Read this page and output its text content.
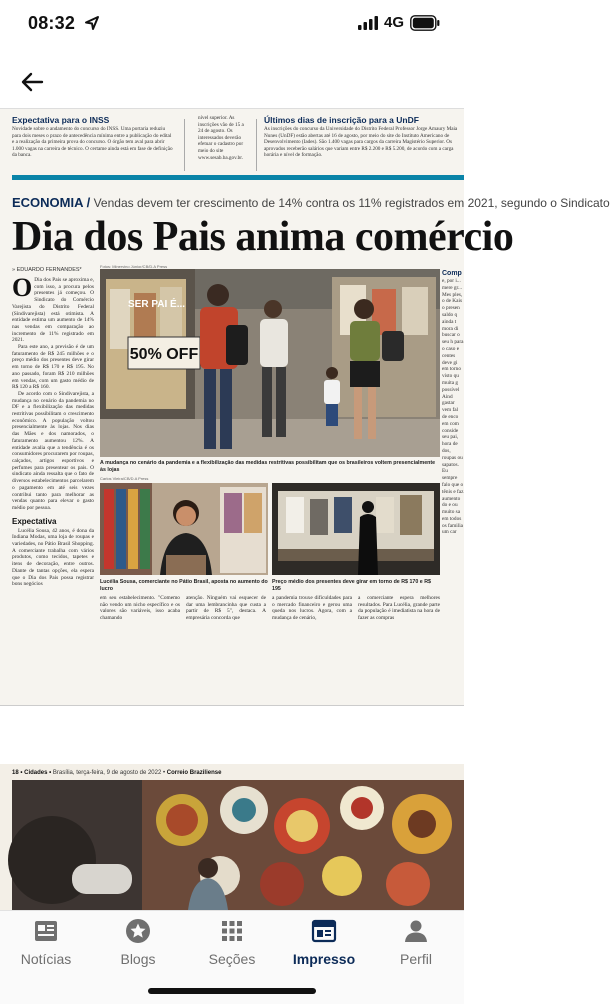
08:32	4G
Expectativa para o INSS
Novidade sobre o andamento do concurso do INSS. Uma portaria reduziu para dois meses o prazo de antecedência mínima entre a publicação do edital e a realização da primeira prova do concurso. O órgão tem aval para abrir 1.000 vagas na carreira de técnico. O certame ainda está em fase de definição da banca.
nível superior. As inscrições vão de 15 a 24 de agosto. Os interessados deverão efetuar o cadastro por meio do site www.sesab.ba.gov.br.
Últimos dias de inscrição para a UnDF
As inscrições do concurso da Universidade do Distrito Federal Professor Jorge Amaury Maia Nunes (UnDF) estão abertas até 16 de agosto, por meio do site do Instituto Americano de Desenvolvimento (Iades). São 1.400 vagas para cargos da carreira Magistério Superior. Os aprovados receberão salários que variam entre R$ 2.200 e R$ 5.200, de acordo com a carga horária e nível de formação.
ECONOMIA / Vendas devem ter crescimento de 14% contra os 11% registrados em 2021, segundo o Sindicato
Dia dos Pais anima comércio
» EDUARDO FERNANDES*
O Dia dos Pais se aproxima e, com isso, a procura pelos presentes já começou. O Sindicato do Comércio Varejista do Distrito Federal (Sindivarejista) está otimista. A entidade estima um aumento de 14% nas vendas em comparação ao incremento de 11% registrado em 2021.

Para este ano, a previsão é de um faturamento de R$ 245 milhões e o preço médio dos presentes deve girar em torno de R$ 170 e R$ 195. No ano passado, foram R$ 210 milhões em vendas, com um gasto médio de R$ 120 a R$ 160.

De acordo com o Sindivarejista, a mudança no cenário da pandemia no DF e a flexibilização das medidas restritivas possibilitam o crescimento econômico. A população voltou presencialmente às lojas. Nos dias das Mães e dos namorados, o faturamento aumentou 12%. A entidade avalia que a tendência é os consumidores procurarem por roupas, calçados, artigos esportivos e perfumes para presentear os pais. O sindicato ainda ressalta que o fato de diversos estabelecimentos parcelarem o pagamento em até seis vezes contribui tanto para melhorar as vendas quanto para elevar o gasto médio por pessoa.

Expectativa

Lucélia Sousa, 42 anos, é dona da Indiana Modas, uma loja de roupas e variedades, no Pátio Brasil Shopping. A comerciante trabalha com vários produtos, como tecidos, tapetes e itens de decoração, entre outros. Diante de tantas opções, ela espera que o Dia dos Pais possa registrar bons negócios

Fotos: Minervino Júnior/CB/D.A Press
50% OFF
SER PAI É...
A mudança no cenário da pandemia e a flexibilização das medidas restritivas possibilitam que os brasileiros voltem presencialmente às lojas
Carlos Vieira/CB/D.A Press
Lucélia Sousa, comerciante no Pátio Brasil, aposta no aumento do lucro
Preço médio dos presentes deve girar em torno de R$ 170 e R$ 195
em seu estabelecimento. "Comemo não vendo um nicho específico e os valores são variáveis, isso acaba chamando
atenção. Ninguém vai esquecer de dar uma lembrancinha que custa a partir de R$ 5", destaca. A empresária concorda que
a pandemia trouxe dificuldades para o mercado financeiro e gerou uma queda nos lucros. Agora, com a mudança de cenário,
a comerciante espera melhores resultados. Para Lucélia, grande parte da população é imediatista na hora de fazer as compras
Comp
e, por i... mere gr... Mes ples, o de Kais o presen saldo q ainda t mora di buscar o seu h para o caso e centes deve gi em torno visto qu muita g possível Aind gastar vem fal de enco em com conside seu pai, hora de dos, roupas ou sapatos. Eu sempre falo que o tênis e faz aumento do e ou muito sa em todos os familia um car
18 • Cidades • Brasília, terça-feira, 9 de agosto de 2022 • Correio Braziliense
Notícias	Blogs	Seções	Impresso	Perfil
